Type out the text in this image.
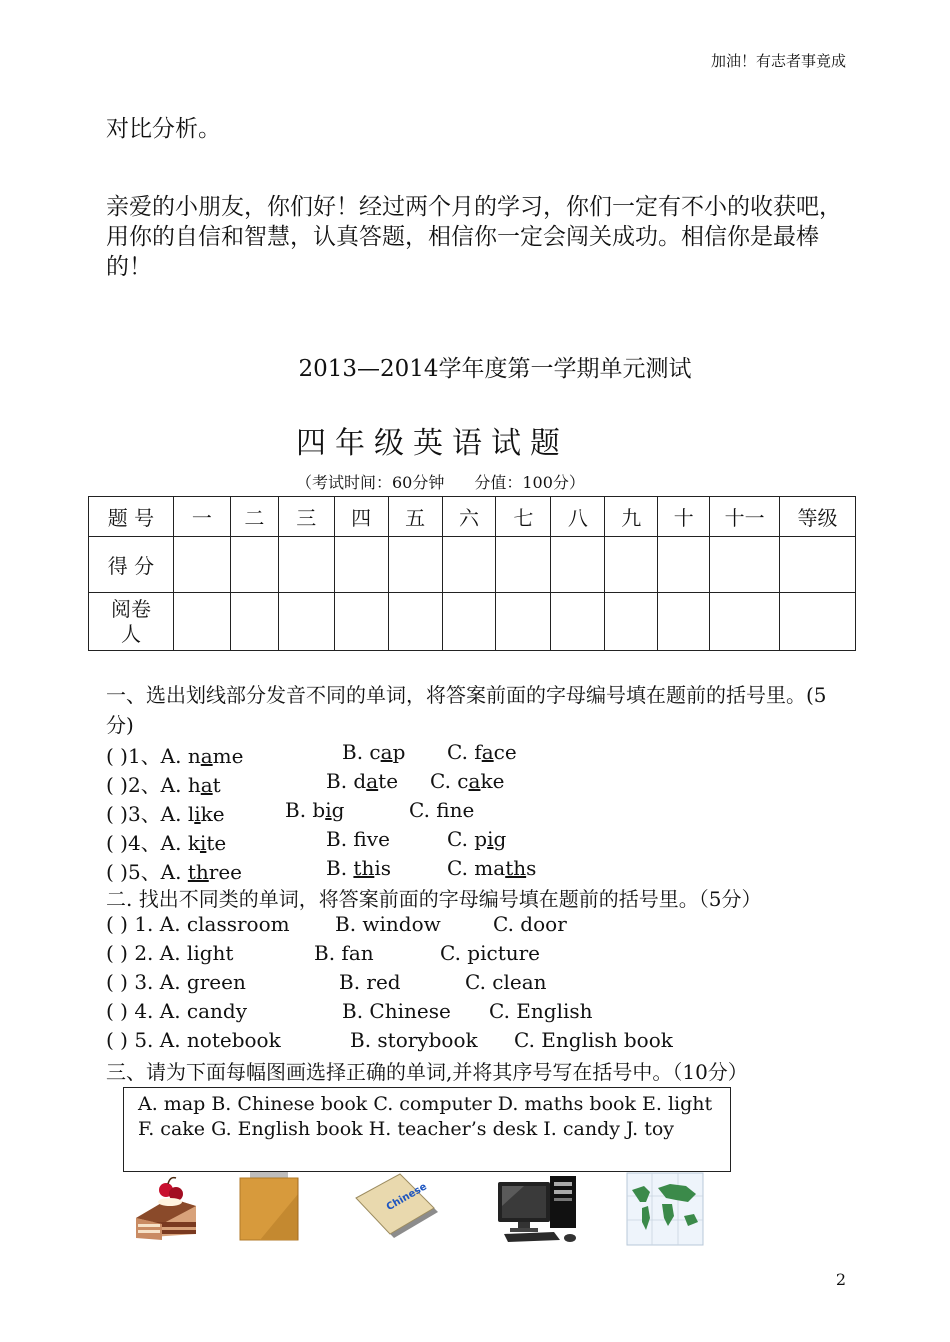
加油！有志者事竟成
对比分析。
亲爱的小朋友，你们好！经过两个月的学习，你们一定有不小的收获吧，用你的自信和智慧，认真答题，相信你一定会闯关成功。相信你是最棒的！
2013—2014学年度第一学期单元测试
四年级英语试题
（考试时间：60分钟 分值：100分）
题 号	一	二	三	四	五	六	七	八	九	十	十一	等级
得 分												
阅卷人												
一、选出划线部分发音不同的单词，将答案前面的字母编号填在题前的括号里。(5分)
( )1、A. name	B. cap C. face
( )2、A. hat	B. date C. cake
( )3、A. like	B. big	C. fne
( )4、A. kite	B. fve	C. pig
( )5、A. three	B. this	C. maths
二. 找出不同类的单词，将答案前面的字母编号填在题前的括号里。（5分）
( ) 1. A. classroom B. window	C. door
( ) 2. A. light	B. fan	C. picture
( ) 3. A. green	B. red	C. clean
( ) 4. A. candy	B. Chinese C. English
( ) 5. A. notebook	B. storybook C. English book
三、请为下面每幅图画选择正确的单词,并将其序号写在括号中。（10分）
A. map B. Chinese book C. computer D. maths book E. light F. cake G. English book H. teacher’s desk I. candy J. toy
Chinese
2
